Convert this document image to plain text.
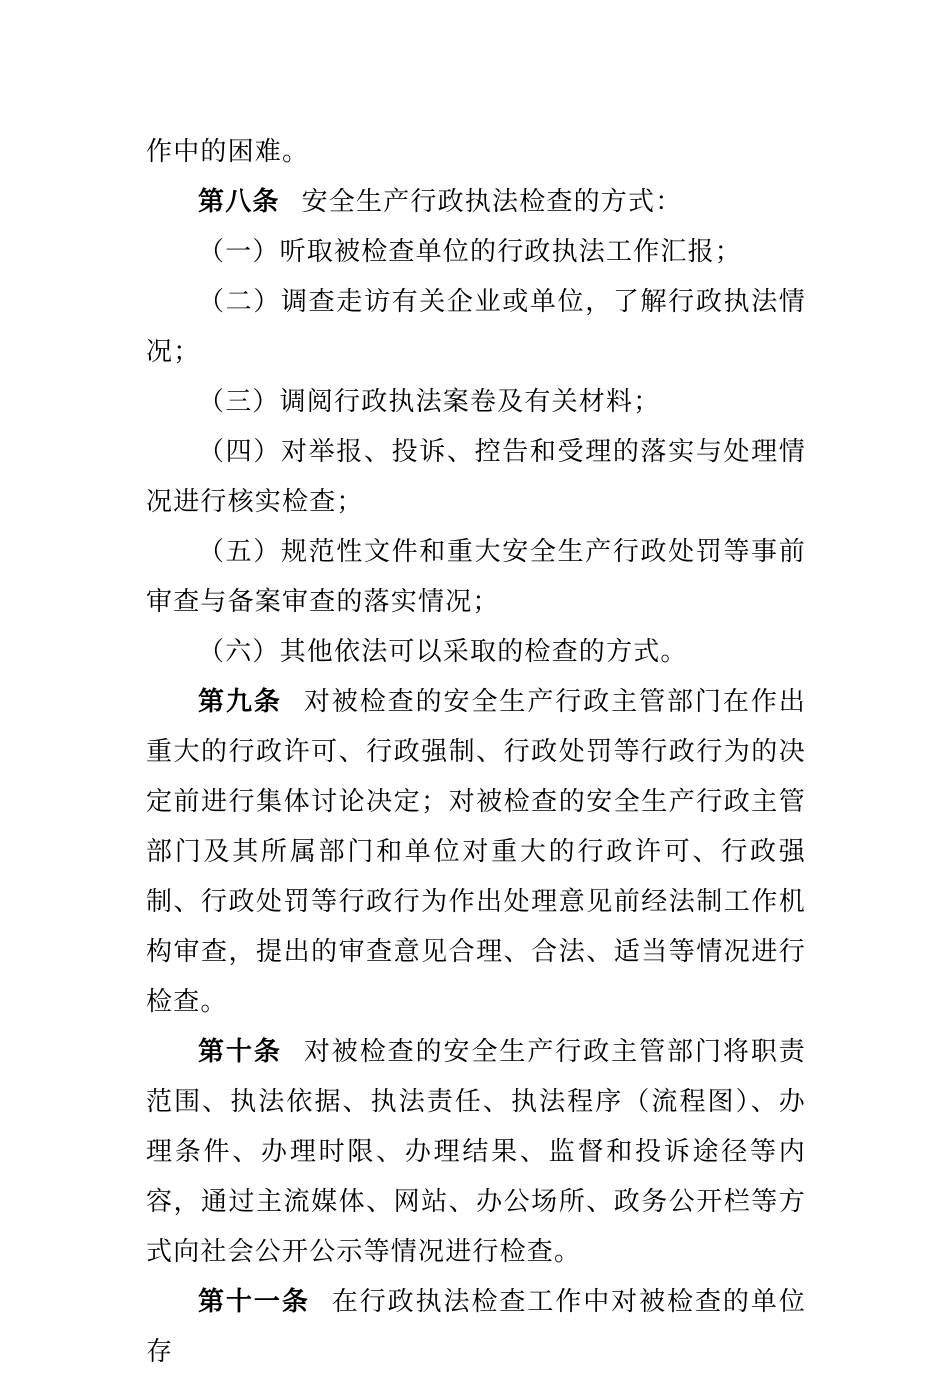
作中的困难。

第八条 安全生产行政执法检查的方式：

（一）听取被检查单位的行政执法工作汇报；

（二）调查走访有关企业或单位，了解行政执法情况；

（三）调阅行政执法案卷及有关材料；

（四）对举报、投诉、控告和受理的落实与处理情况进行核实检查；

（五）规范性文件和重大安全生产行政处罚等事前审查与备案审查的落实情况；

（六）其他依法可以采取的检查的方式。

第九条 对被检查的安全生产行政主管部门在作出重大的行政许可、行政强制、行政处罚等行政行为的决定前进行集体讨论决定；对被检查的安全生产行政主管部门及其所属部门和单位对重大的行政许可、行政强制、行政处罚等行政行为作出处理意见前经法制工作机构审查，提出的审查意见合理、合法、适当等情况进行检查。

第十条 对被检查的安全生产行政主管部门将职责范围、执法依据、执法责任、执法程序（流程图）、办理条件、办理时限、办理结果、监督和投诉途径等内容，通过主流媒体、网站、办公场所、政务公开栏等方式向社会公开公示等情况进行检查。

第十一条 在行政执法检查工作中对被检查的单位存
